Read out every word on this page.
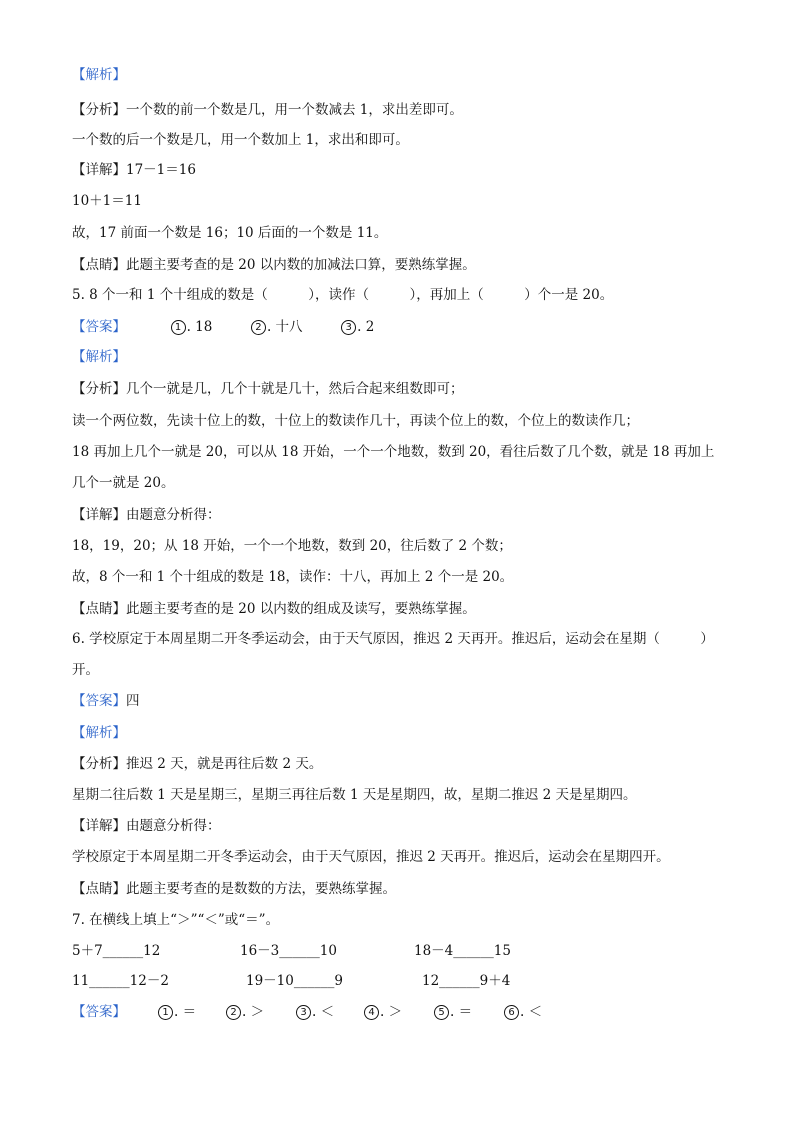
【解析】
【分析】一个数的前一个数是几，用一个数减去 1，求出差即可。
一个数的后一个数是几，用一个数加上 1，求出和即可。
【详解】17－1＝16
10＋1＝11
故，17 前面一个数是 16；10 后面的一个数是 11。
【点睛】此题主要考查的是 20 以内数的加减法口算，要熟练掌握。
5. 8 个一和 1 个十组成的数是（　　　），读作（　　　），再加上（　　　）个一是 20。
【答案】	1 . 18	2 . 十八	3 . 2
【解析】
【分析】几个一就是几，几个十就是几十，然后合起来组数即可；
读一个两位数，先读十位上的数，十位上的数读作几十，再读个位上的数，个位上的数读作几；
18 再加上几个一就是 20，可以从 18 开始，一个一个地数，数到 20，看往后数了几个数，就是 18 再加上
几个一就是 20。
【详解】由题意分析得：
18，19，20；从 18 开始，一个一个地数，数到 20，往后数了 2 个数；
故，8 个一和 1 个十组成的数是 18，读作：十八，再加上 2 个一是 20。
【点睛】此题主要考查的是 20 以内数的组成及读写，要熟练掌握。
6. 学校原定于本周星期二开冬季运动会，由于天气原因，推迟 2 天再开。推迟后，运动会在星期（　　　）
开。
【答案】四
【解析】
【分析】推迟 2 天，就是再往后数 2 天。
星期二往后数 1 天是星期三，星期三再往后数 1 天是星期四，故，星期二推迟 2 天是星期四。
【详解】由题意分析得：
学校原定于本周星期二开冬季运动会，由于天气原因，推迟 2 天再开。推迟后，运动会在星期四开。
【点睛】此题主要考查的是数数的方法，要熟练掌握。
7. 在横线上填上“＞”“＜”或“＝”。
5＋7______12	16－3______10	18－4______15
11______12－2	19－10______9	12______9＋4
【答案】	1 . ＝	2 . ＞	3 . ＜	4 . ＞	5 . ＝	6 . ＜
